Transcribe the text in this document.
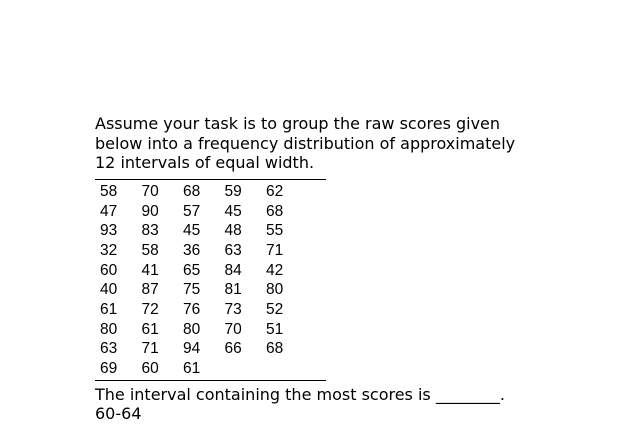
Assume your task is to group the raw scores given
below into a frequency distribution of approximately
12 intervals of equal width.

58	70	68	59	62
47	90	57	45	68
93	83	45	48	55
32	58	36	63	71
60	41	65	84	42
40	87	75	81	80
61	72	76	73	52
80	61	80	70	51
63	71	94	66	68
69	60	61		

The interval containing the most scores is ________.

60-64
